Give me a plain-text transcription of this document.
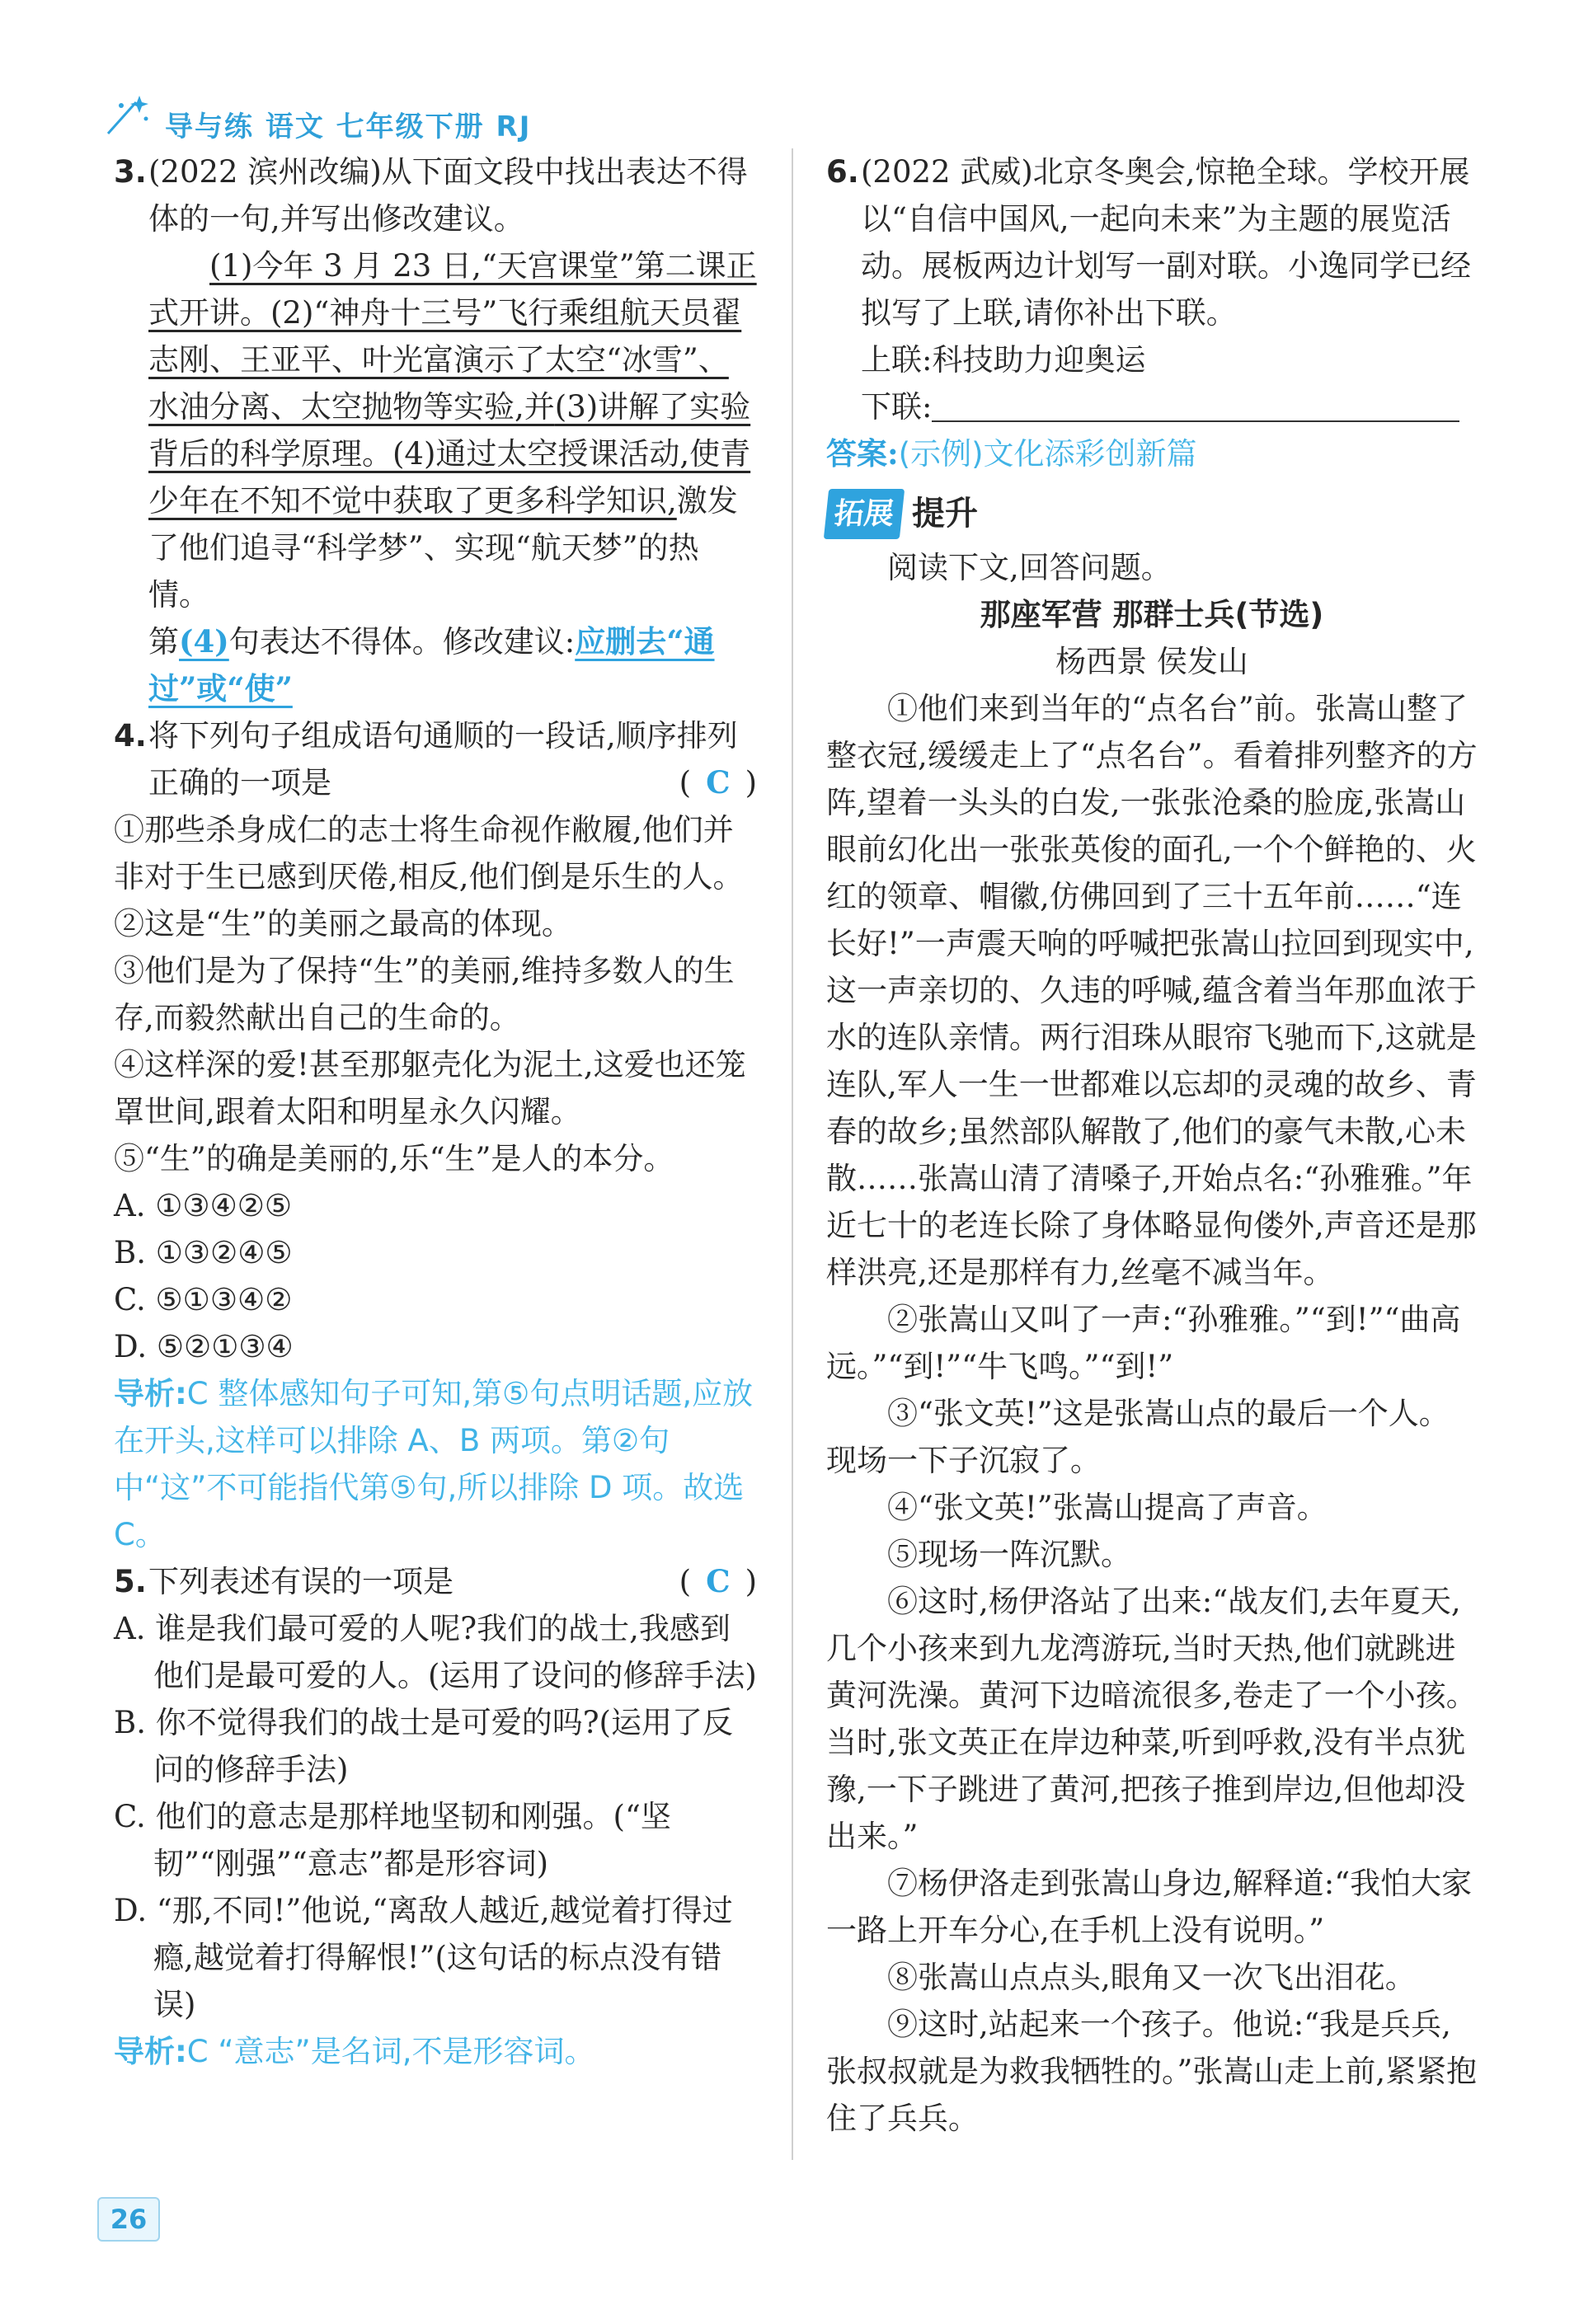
导与练 语文 七年级下册 RJ
3. (2022 滨州改编)从下面文段中找出表达不得体的一句,并写出修改建议。

(1)今年 3 月 23 日,“天宫课堂”第二课正式开讲。(2)“神舟十三号”飞行乘组航天员翟志刚、王亚平、叶光富演示了太空“冰雪”、水油分离、太空抛物等实验,并(3)讲解了实验背后的科学原理。(4)通过太空授课活动,使青少年在不知不觉中获取了更多科学知识,激发了他们追寻“科学梦”、实现“航天梦”的热情。

第(4)句表达不得体。修改建议:应删去“通过”或“使”

4. 将下列句子组成语句通顺的一段话,顺序排列正确的一项是	( C )

①那些杀身成仁的志士将生命视作敝履,他们并非对于生已感到厌倦,相反,他们倒是乐生的人。

②这是“生”的美丽之最高的体现。

③他们是为了保持“生”的美丽,维持多数人的生存,而毅然献出自己的生命的。

④这样深的爱!甚至那躯壳化为泥土,这爱也还笼罩世间,跟着太阳和明星永久闪耀。

⑤“生”的确是美丽的,乐“生”是人的本分。

A. ①③④②⑤

B. ①③②④⑤

C. ⑤①③④②

D. ⑤②①③④

导析:C 整体感知句子可知,第⑤句点明话题,应放在开头,这样可以排除 A、B 两项。第②句中“这”不可能指代第⑤句,所以排除 D 项。故选 C。

5. 下列表述有误的一项是	( C )

A. 谁是我们最可爱的人呢?我们的战士,我感到他们是最可爱的人。(运用了设问的修辞手法)

B. 你不觉得我们的战士是可爱的吗?(运用了反问的修辞手法)

C. 他们的意志是那样地坚韧和刚强。(“坚韧”“刚强”“意志”都是形容词)

D. “那,不同!”他说,“离敌人越近,越觉着打得过瘾,越觉着打得解恨!”(这句话的标点没有错误)

导析:C “意志”是名词,不是形容词。

6. (2022 武威)北京冬奥会,惊艳全球。学校开展以“自信中国风,一起向未来”为主题的展览活动。展板两边计划写一副对联。小逸同学已经拟写了上联,请你补出下联。

上联:科技助力迎奥运

下联:

答案:(示例)文化添彩创新篇

拓展 提升

阅读下文,回答问题。

那座军营 那群士兵(节选)

杨西景 侯发山

①他们来到当年的“点名台”前。张嵩山整了整衣冠,缓缓走上了“点名台”。看着排列整齐的方阵,望着一头头的白发,一张张沧桑的脸庞,张嵩山眼前幻化出一张张英俊的面孔,一个个鲜艳的、火红的领章、帽徽,仿佛回到了三十五年前……“连长好!”一声震天响的呼喊把张嵩山拉回到现实中,这一声亲切的、久违的呼喊,蕴含着当年那血浓于水的连队亲情。两行泪珠从眼帘飞驰而下,这就是连队,军人一生一世都难以忘却的灵魂的故乡、青春的故乡;虽然部队解散了,他们的豪气未散,心未散……张嵩山清了清嗓子,开始点名:“孙雅雅。”年近七十的老连长除了身体略显佝偻外,声音还是那样洪亮,还是那样有力,丝毫不减当年。

②张嵩山又叫了一声:“孙雅雅。”“到!”“曲高远。”“到!”“牛飞鸣。”“到!”

③“张文英!”这是张嵩山点的最后一个人。现场一下子沉寂了。

④“张文英!”张嵩山提高了声音。

⑤现场一阵沉默。

⑥这时,杨伊洛站了出来:“战友们,去年夏天,几个小孩来到九龙湾游玩,当时天热,他们就跳进黄河洗澡。黄河下边暗流很多,卷走了一个小孩。当时,张文英正在岸边种菜,听到呼救,没有半点犹豫,一下子跳进了黄河,把孩子推到岸边,但他却没出来。”

⑦杨伊洛走到张嵩山身边,解释道:“我怕大家一路上开车分心,在手机上没有说明。”

⑧张嵩山点点头,眼角又一次飞出泪花。

⑨这时,站起来一个孩子。他说:“我是兵兵,张叔叔就是为救我牺牲的。”张嵩山走上前,紧紧抱住了兵兵。

26
